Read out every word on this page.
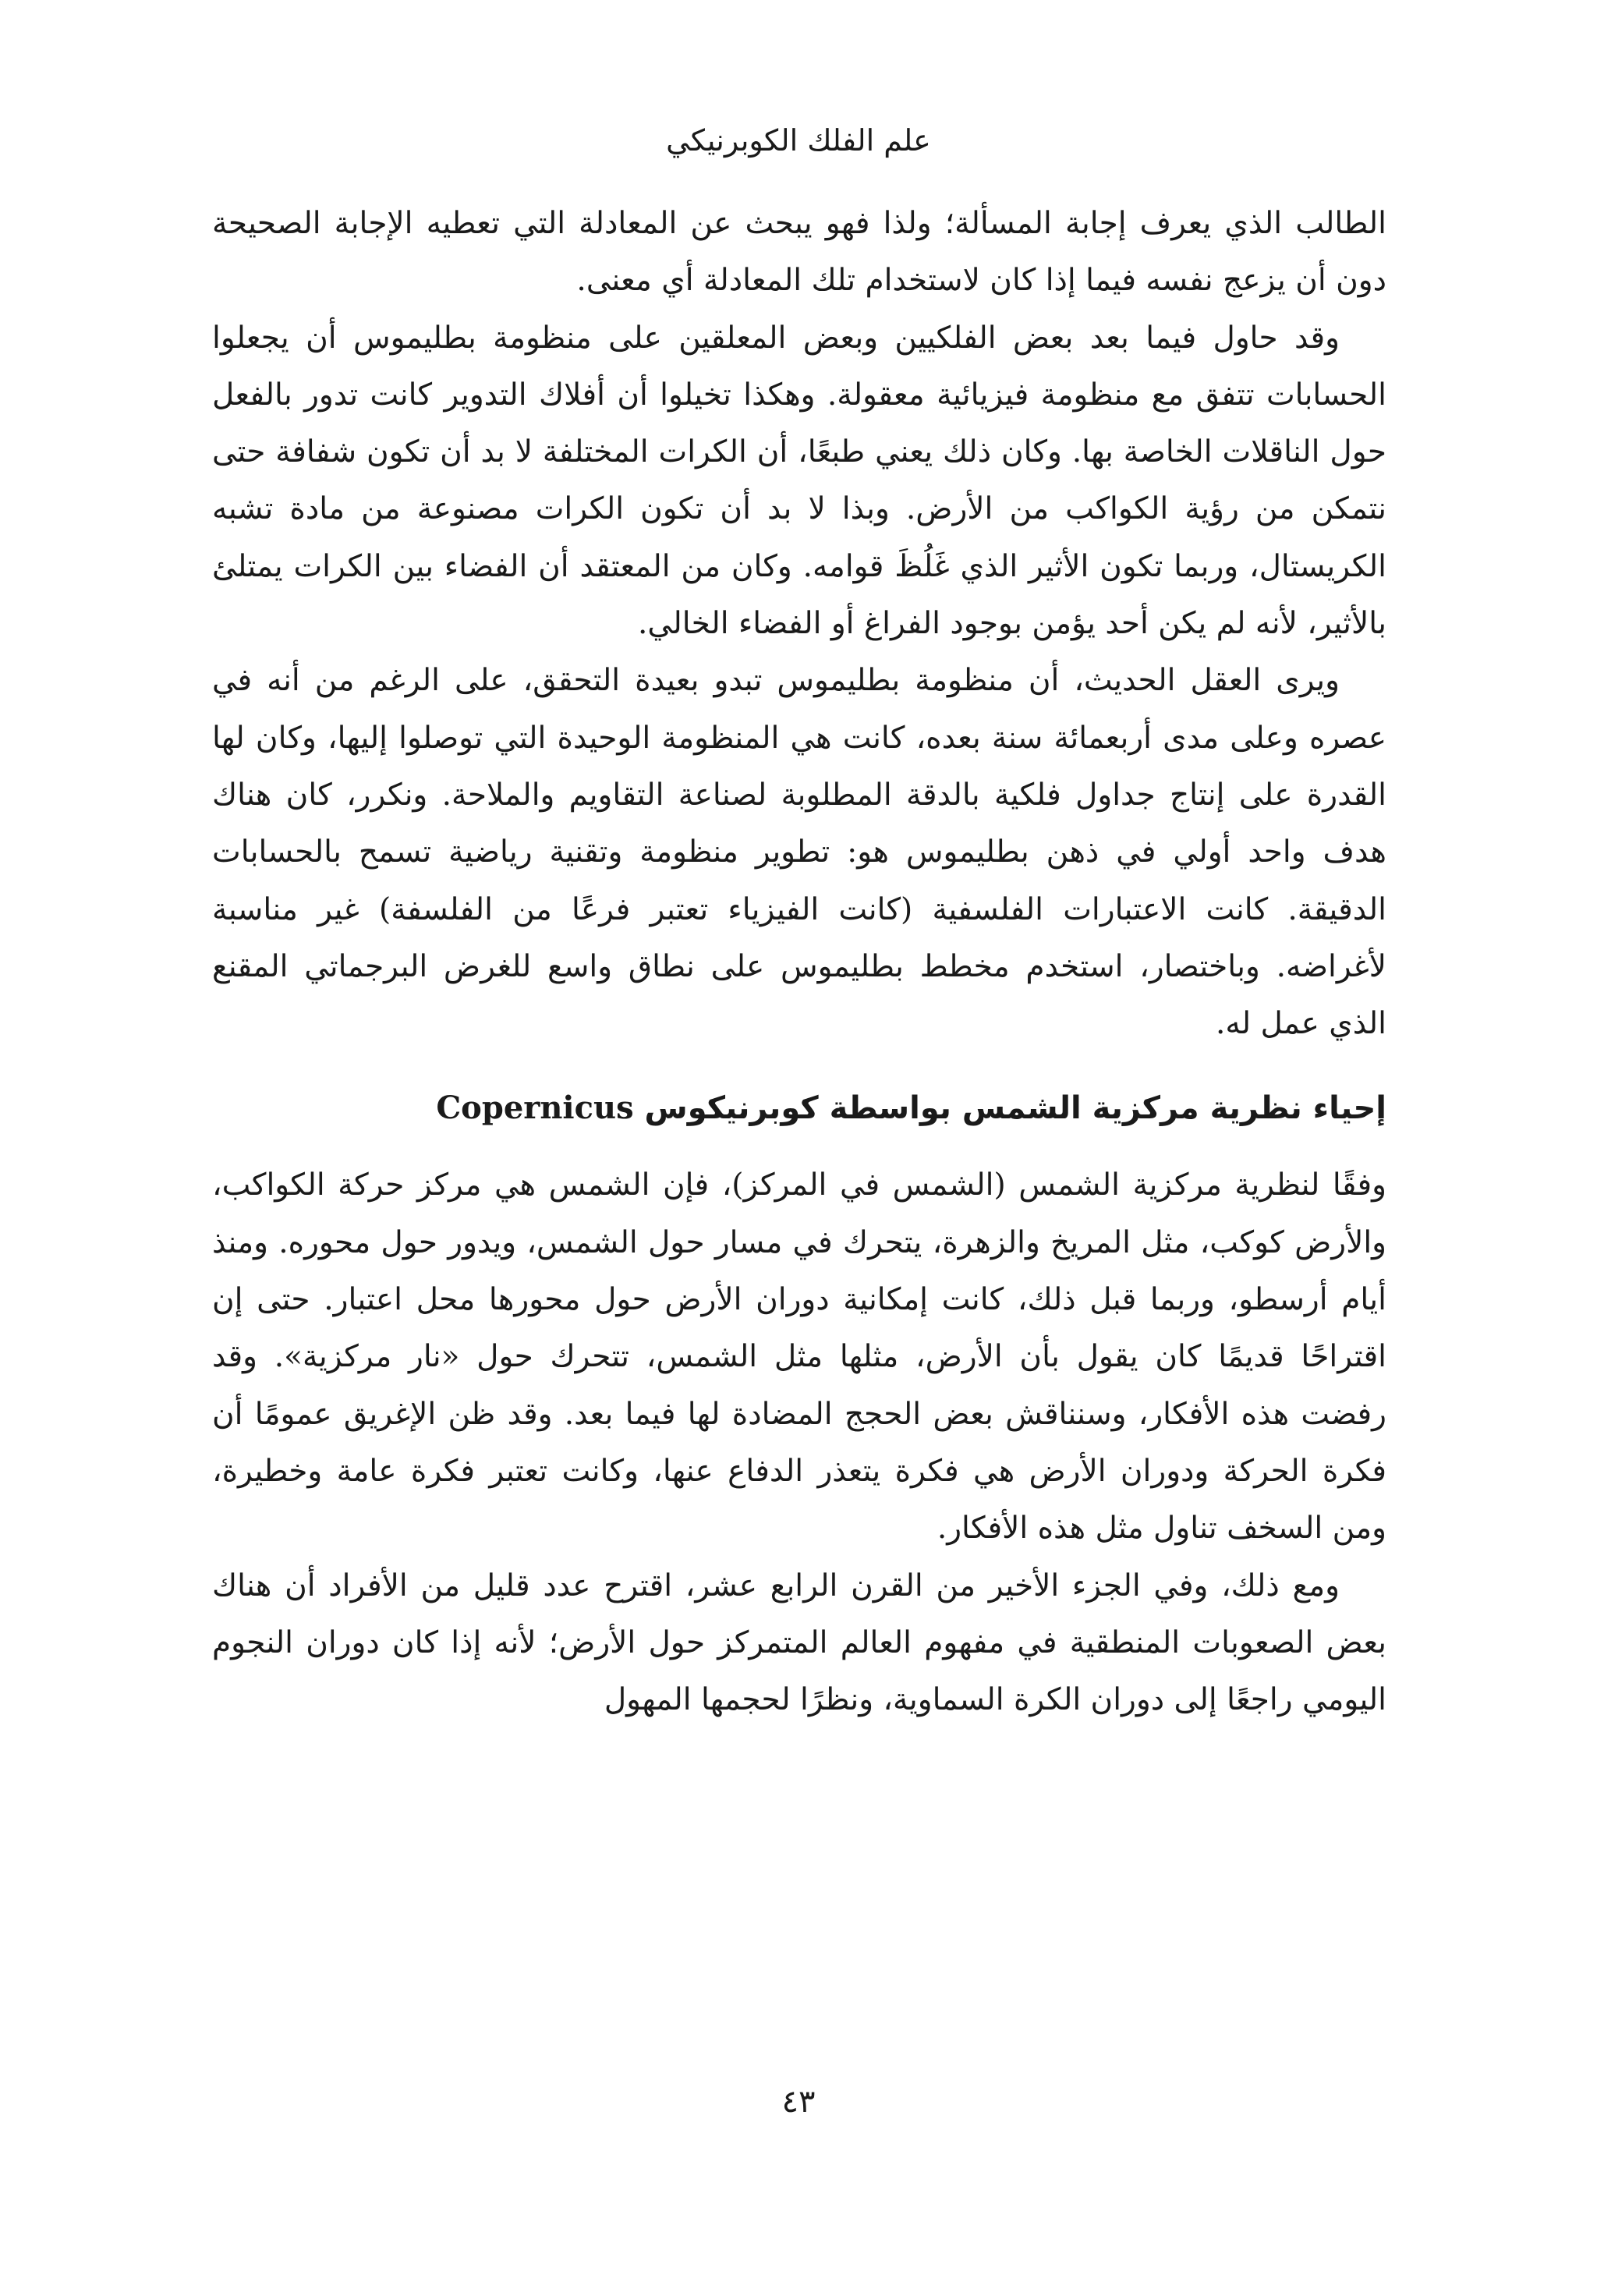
علم الفلك الكوبرنيكي

الطالب الذي يعرف إجابة المسألة؛ ولذا فهو يبحث عن المعادلة التي تعطيه الإجابة الصحيحة دون أن يزعج نفسه فيما إذا كان لاستخدام تلك المعادلة أي معنى.

وقد حاول فيما بعد بعض الفلكيين وبعض المعلقين على منظومة بطليموس أن يجعلوا الحسابات تتفق مع منظومة فيزيائية معقولة. وهكذا تخيلوا أن أفلاك التدوير كانت تدور بالفعل حول الناقلات الخاصة بها. وكان ذلك يعني طبعًا، أن الكرات المختلفة لا بد أن تكون شفافة حتى نتمكن من رؤية الكواكب من الأرض. وبذا لا بد أن تكون الكرات مصنوعة من مادة تشبه الكريستال، وربما تكون الأثير الذي غَلُظَ قوامه. وكان من المعتقد أن الفضاء بين الكرات يمتلئ بالأثير، لأنه لم يكن أحد يؤمن بوجود الفراغ أو الفضاء الخالي.

ويرى العقل الحديث، أن منظومة بطليموس تبدو بعيدة التحقق، على الرغم من أنه في عصره وعلى مدى أربعمائة سنة بعده، كانت هي المنظومة الوحيدة التي توصلوا إليها، وكان لها القدرة على إنتاج جداول فلكية بالدقة المطلوبة لصناعة التقاويم والملاحة. ونكرر، كان هناك هدف واحد أولي في ذهن بطليموس هو: تطوير منظومة وتقنية رياضية تسمح بالحسابات الدقيقة. كانت الاعتبارات الفلسفية (كانت الفيزياء تعتبر فرعًا من الفلسفة) غير مناسبة لأغراضه. وباختصار، استخدم مخطط بطليموس على نطاق واسع للغرض البرجماتي المقنع الذي عمل له.

إحياء نظرية مركزية الشمس بواسطة كوبرنيكوس Copernicus

وفقًا لنظرية مركزية الشمس (الشمس في المركز)، فإن الشمس هي مركز حركة الكواكب، والأرض كوكب، مثل المريخ والزهرة، يتحرك في مسار حول الشمس، ويدور حول محوره. ومنذ أيام أرسطو، وربما قبل ذلك، كانت إمكانية دوران الأرض حول محورها محل اعتبار. حتى إن اقتراحًا قديمًا كان يقول بأن الأرض، مثلها مثل الشمس، تتحرك حول «نار مركزية». وقد رفضت هذه الأفكار، وسنناقش بعض الحجج المضادة لها فيما بعد. وقد ظن الإغريق عمومًا أن فكرة الحركة ودوران الأرض هي فكرة يتعذر الدفاع عنها، وكانت تعتبر فكرة عامة وخطيرة، ومن السخف تناول مثل هذه الأفكار.

ومع ذلك، وفي الجزء الأخير من القرن الرابع عشر، اقترح عدد قليل من الأفراد أن هناك بعض الصعوبات المنطقية في مفهوم العالم المتمركز حول الأرض؛ لأنه إذا كان دوران النجوم اليومي راجعًا إلى دوران الكرة السماوية، ونظرًا لحجمها المهول

٤٣
